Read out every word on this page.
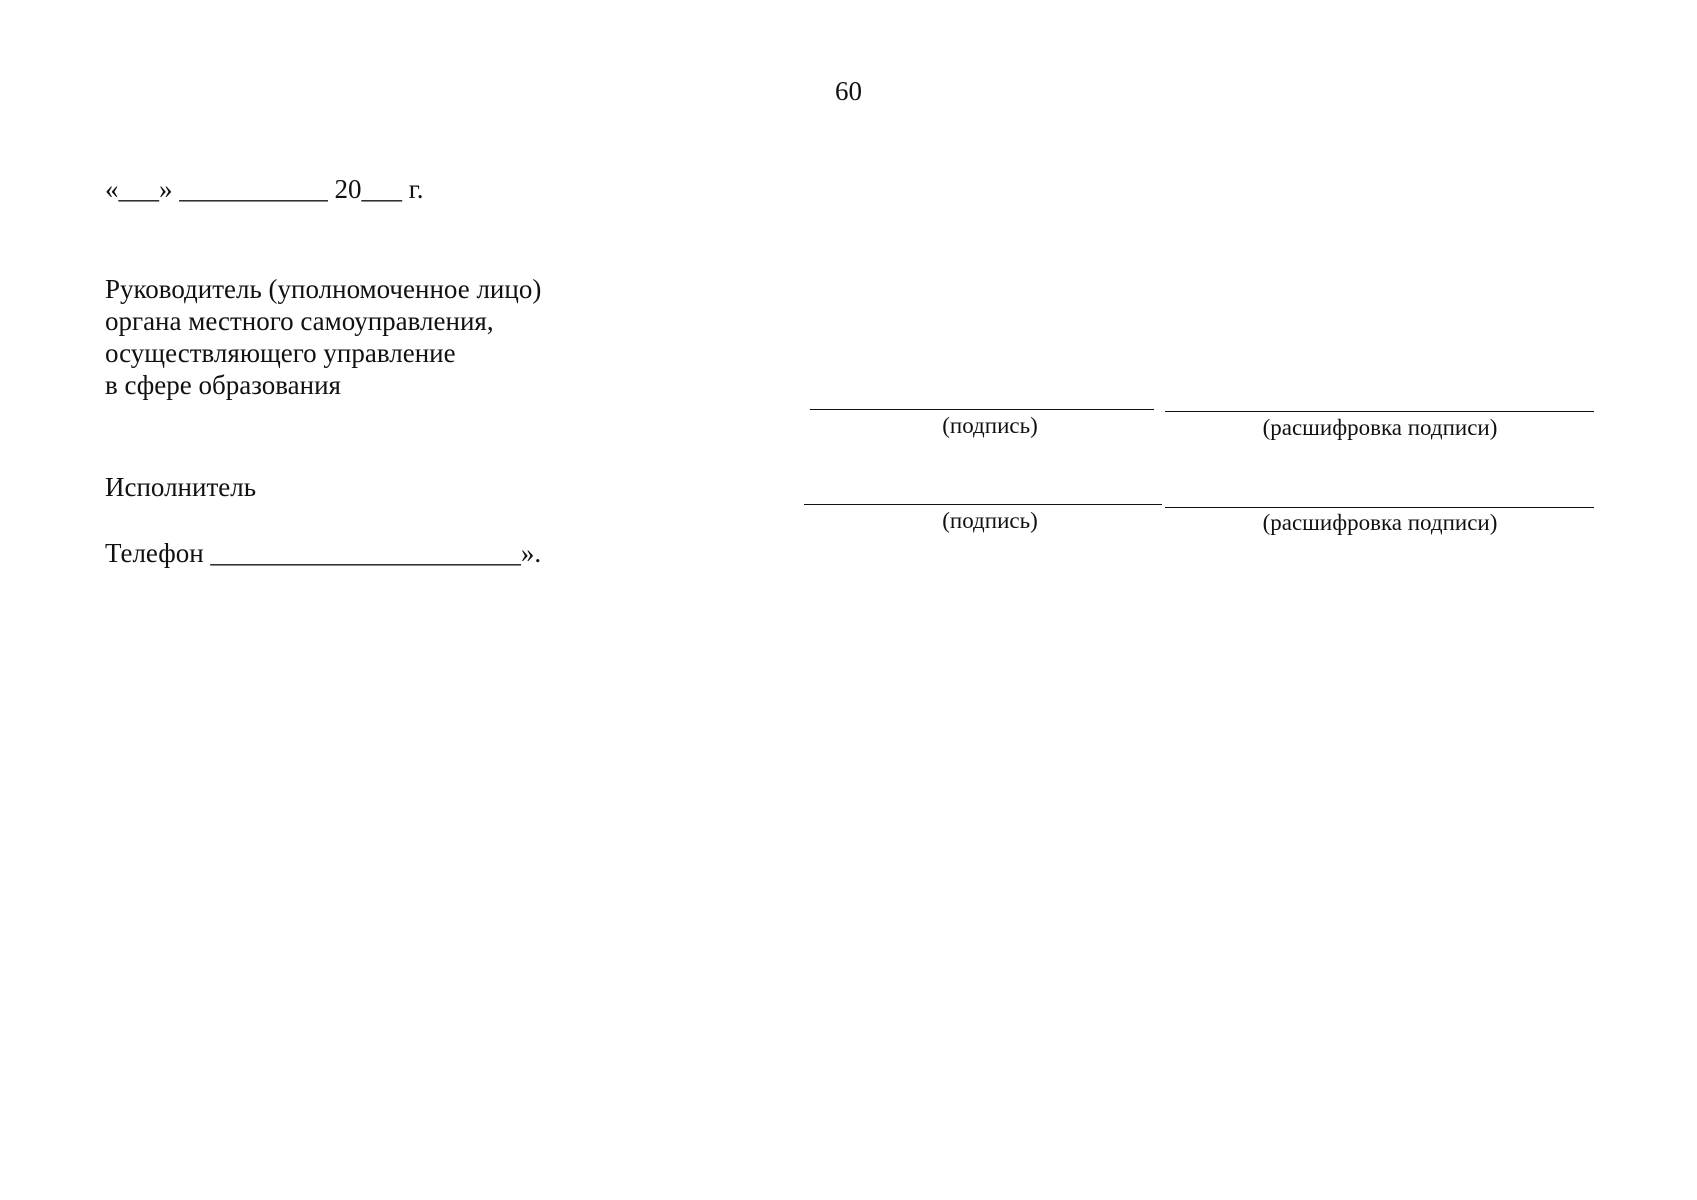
60
«___» ___________ 20___ г.
Руководитель (уполномоченное лицо)
органа местного самоуправления,
осуществляющего управление
в сфере образования
(подпись)	(расшифровка подписи)
Исполнитель
(подпись)	(расшифровка подписи)
Телефон _______________________».
